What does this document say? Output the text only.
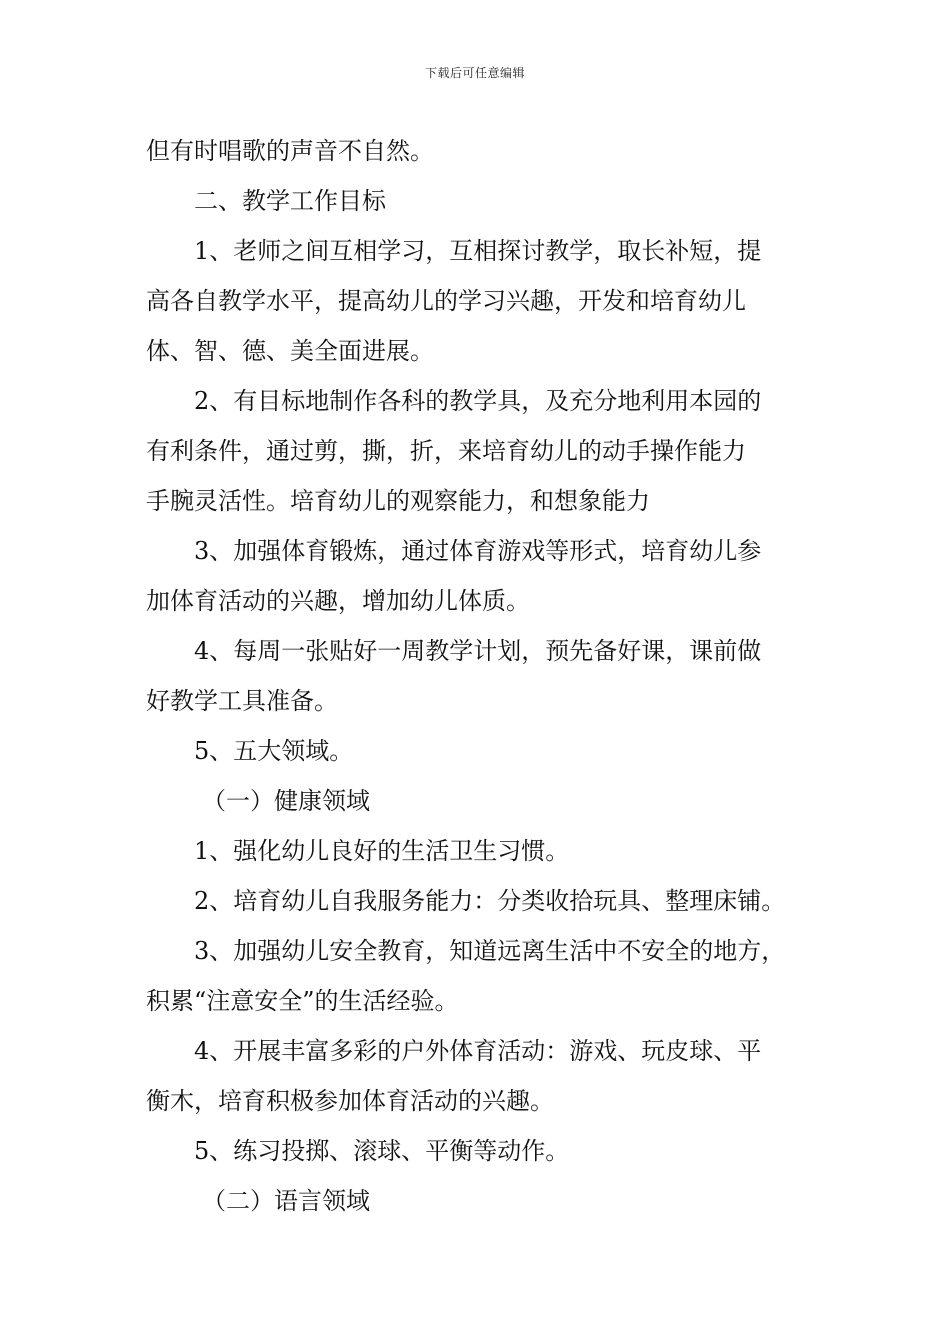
下载后可任意编辑
但有时唱歌的声音不自然。
二、教学工作目标
1、老师之间互相学习，互相探讨教学，取长补短，提
高各自教学水平，提高幼儿的学习兴趣，开发和培育幼儿
体、智、德、美全面进展。
2、有目标地制作各科的教学具，及充分地利用本园的
有利条件，通过剪，撕，折，来培育幼儿的动手操作能力
手腕灵活性。培育幼儿的观察能力，和想象能力
3、加强体育锻炼，通过体育游戏等形式，培育幼儿参
加体育活动的兴趣，增加幼儿体质。
4、每周一张贴好一周教学计划，预先备好课，课前做
好教学工具准备。
5、五大领域。
（一）健康领域
1、强化幼儿良好的生活卫生习惯。
2、培育幼儿自我服务能力：分类收拾玩具、整理床铺。
3、加强幼儿安全教育，知道远离生活中不安全的地方，
积累“注意安全”的生活经验。
4、开展丰富多彩的户外体育活动：游戏、玩皮球、平
衡木，培育积极参加体育活动的兴趣。
5、练习投掷、滚球、平衡等动作。
（二）语言领域
